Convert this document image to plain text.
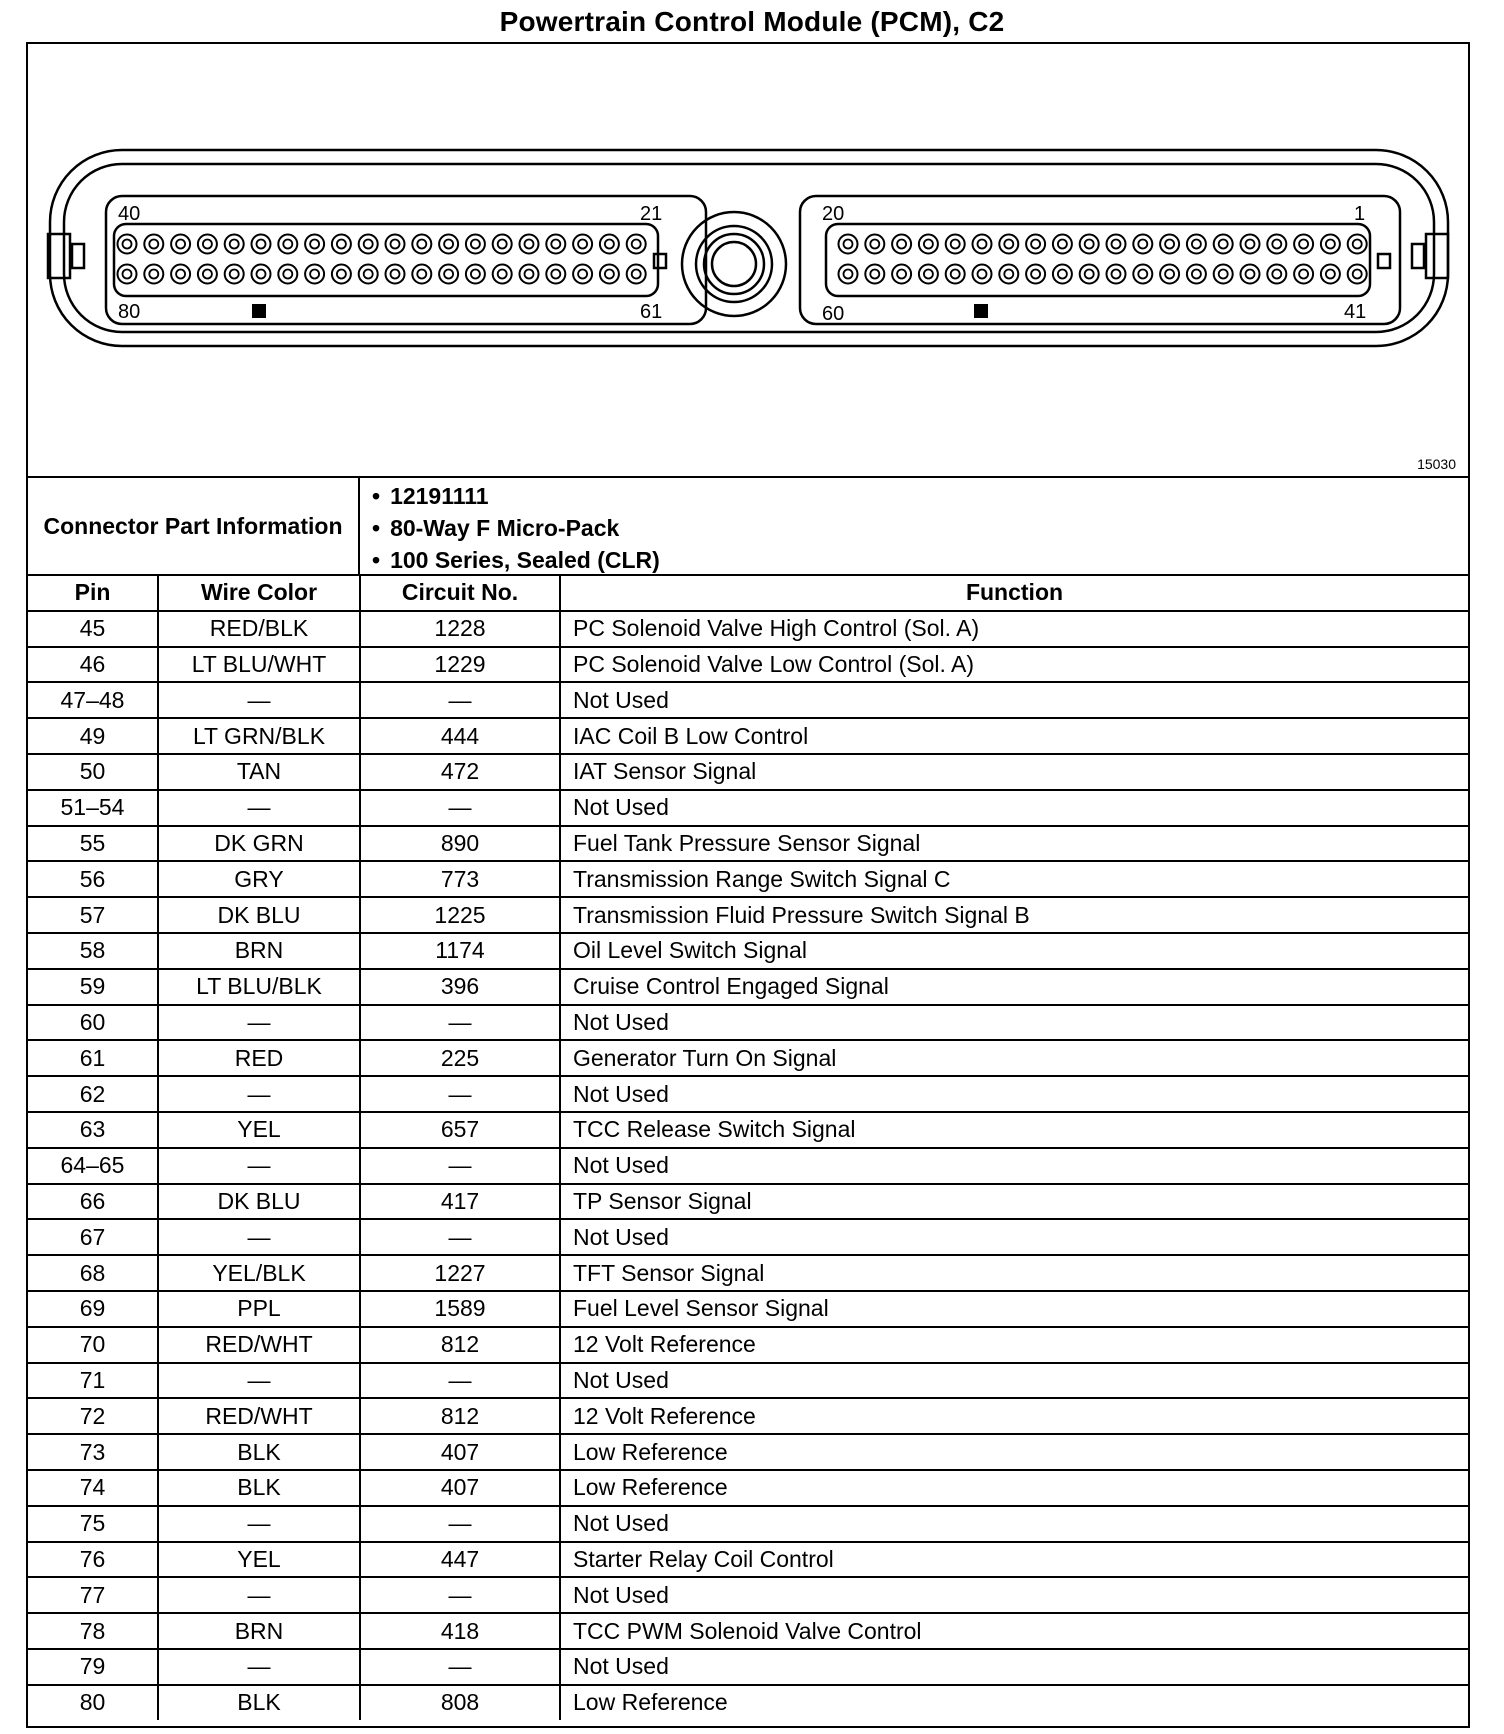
Powertrain Control Module (PCM), C2
40	21
80	61
20	1
60	41
15030
Connector Part Information
• 12191111
• 80-Way F Micro-Pack
• 100 Series, Sealed (CLR)
Pin	Wire Color	Circuit No.	Function
45	RED/BLK	1228	PC Solenoid Valve High Control (Sol. A)
46	LT BLU/WHT	1229	PC Solenoid Valve Low Control (Sol. A)
47–48	—	—	Not Used
49	LT GRN/BLK	444	IAC Coil B Low Control
50	TAN	472	IAT Sensor Signal
51–54	—	—	Not Used
55	DK GRN	890	Fuel Tank Pressure Sensor Signal
56	GRY	773	Transmission Range Switch Signal C
57	DK BLU	1225	Transmission Fluid Pressure Switch Signal B
58	BRN	1174	Oil Level Switch Signal
59	LT BLU/BLK	396	Cruise Control Engaged Signal
60	—	—	Not Used
61	RED	225	Generator Turn On Signal
62	—	—	Not Used
63	YEL	657	TCC Release Switch Signal
64–65	—	—	Not Used
66	DK BLU	417	TP Sensor Signal
67	—	—	Not Used
68	YEL/BLK	1227	TFT Sensor Signal
69	PPL	1589	Fuel Level Sensor Signal
70	RED/WHT	812	12 Volt Reference
71	—	—	Not Used
72	RED/WHT	812	12 Volt Reference
73	BLK	407	Low Reference
74	BLK	407	Low Reference
75	—	—	Not Used
76	YEL	447	Starter Relay Coil Control
77	—	—	Not Used
78	BRN	418	TCC PWM Solenoid Valve Control
79	—	—	Not Used
80	BLK	808	Low Reference
